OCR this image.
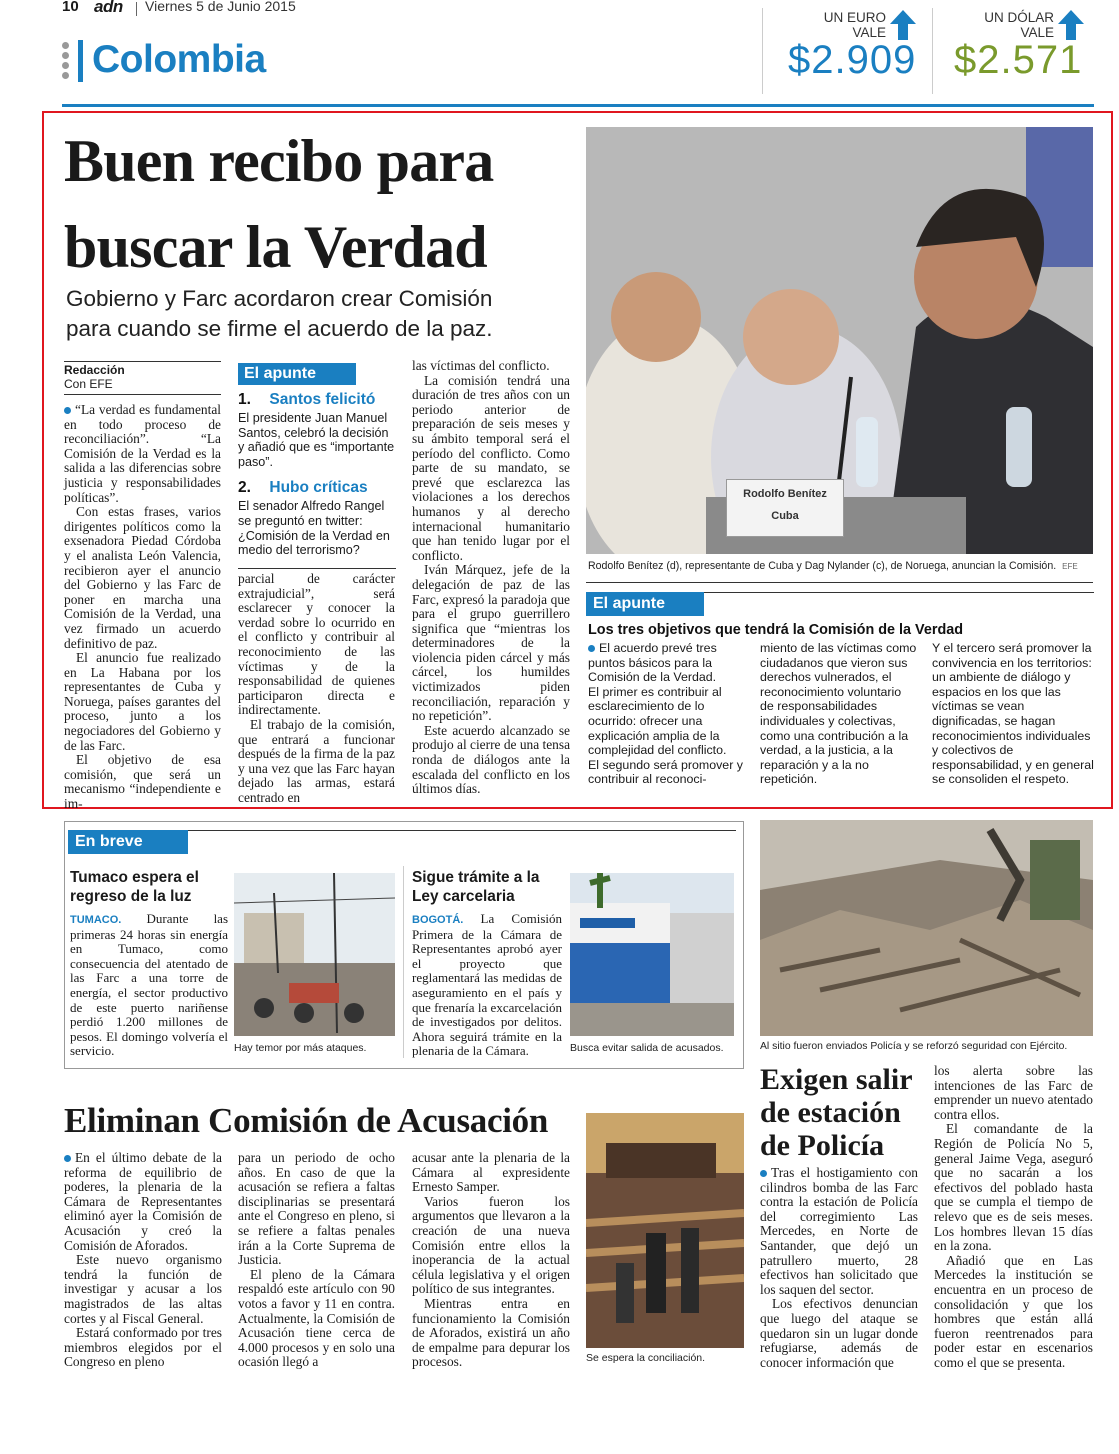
10 adn Viernes 5 de Junio 2015
Colombia
UN EURO
VALE
$2.909
UN DÓLAR
VALE
$2.571
Buen recibo para
buscar la Verdad
Gobierno y Farc acordaron crear Comisión
para cuando se firme el acuerdo de la paz.
Redacción
Con EFE
“La verdad es fundamental en todo proceso de reconciliación”. “La Comisión de la Verdad es la salida a las diferencias sobre justicia y responsabilidades políticas”.
Con estas frases, varios dirigentes políticos como la exsenadora Piedad Córdoba y el analista León Valencia, recibieron ayer el anuncio del Gobierno y las Farc de poner en marcha una Comisión de la Verdad, una vez firmado un acuerdo definitivo de paz.
El anuncio fue realizado en La Habana por los representantes de Cuba y Noruega, países garantes del proceso, junto a los negociadores del Gobierno y de las Farc.
El objetivo de esa comisión, que será un mecanismo “independiente e im-
El apunte
1. Santos felicitó
El presidente Juan Manuel Santos, celebró la decisión y añadió que es “importante paso”.
2. Hubo críticas
El senador Alfredo Rangel se preguntó en twitter: ¿Comisión de la Verdad en medio del terrorismo?
parcial de carácter extrajudicial”, será esclarecer y conocer la verdad sobre lo ocurrido en el conflicto y contribuir al reconocimiento de las víctimas y de la responsabilidad de quienes participaron directa e indirectamente.
El trabajo de la comisión, que entrará a funcionar después de la firma de la paz y una vez que las Farc hayan dejado las armas, estará centrado en
las víctimas del conflicto.
La comisión tendrá una duración de tres años con un periodo anterior de preparación de seis meses y su ámbito temporal será el período del conflicto. Como parte de su mandato, se prevé que esclarezca las violaciones a los derechos humanos y al derecho internacional humanitario que han tenido lugar por el conflicto.
Iván Márquez, jefe de la delegación de paz de las Farc, expresó la paradoja que para el grupo guerrillero significa que “mientras los determinadores de la violencia piden cárcel y más cárcel, los humildes victimizados piden reconciliación, reparación y no repetición”.
Este acuerdo alcanzado se produjo al cierre de una tensa ronda de diálogos ante la escalada del conflicto en los últimos días.
Rodolfo Benítez
Cuba
Rodolfo Benítez (d), representante de Cuba y Dag Nylander (c), de Noruega, anuncian la Comisión. EFE
El apunte
Los tres objetivos que tendrá la Comisión de la Verdad
El acuerdo prevé tres puntos básicos para la Comisión de la Verdad.
El primer es contribuir al esclarecimiento de lo ocurrido: ofrecer una explicación amplia de la complejidad del conflicto.
El segundo será promover y contribuir al reconoci-
miento de las víctimas como ciudadanos que vieron sus derechos vulnerados, el reconocimiento voluntario de responsabilidades individuales y colectivas, como una contribución a la verdad, a la justicia, a la reparación y a la no repetición.
Y el tercero será promover la convivencia en los territorios: un ambiente de diálogo y espacios en los que las víctimas se vean dignificadas, se hagan reconocimientos individuales y colectivos de responsabilidad, y en general se consoliden el respeto.
En breve
Tumaco espera el
regreso de la luz
TUMACO. Durante las primeras 24 horas sin energía en Tumaco, como consecuencia del atentado de las Farc a una torre de energía, el sector productivo de este puerto nariñense perdió 1.200 millones de pesos. El domingo volvería el servicio.	Hay temor por más ataques.
Sigue trámite a la
Ley carcelaria
BOGOTÁ. La Comisión Primera de la Cámara de Representantes aprobó ayer el proyecto que reglamentará las medidas de aseguramiento en el país y que frenaría la excarcelación de investigados por delitos. Ahora seguirá trámite en la plenaria de la Cámara.	Busca evitar salida de acusados.	Al sitio fueron enviados Policía y se reforzó seguridad con Ejército.
Eliminan Comisión de Acusación
En el último debate de la reforma de equilibrio de poderes, la plenaria de la Cámara de Representantes eliminó ayer la Comisión de Acusación y creó la Comisión de Aforados.
Este nuevo organismo tendrá la función de investigar y acusar a los magistrados de las altas cortes y al Fiscal General.
Estará conformado por tres miembros elegidos por el Congreso en pleno
para un periodo de ocho años. En caso de que la acusación se refiera a faltas disciplinarias se presentará ante el Congreso en pleno, si se refiere a faltas penales irán a la Corte Suprema de Justicia.
El pleno de la Cámara respaldó este artículo con 90 votos a favor y 11 en contra. Actualmente, la Comisión de Acusación tiene cerca de 4.000 procesos y en solo una ocasión llegó a
acusar ante la plenaria de la Cámara al expresidente Ernesto Samper.
Varios fueron los argumentos que llevaron a la creación de una nueva Comisión entre ellos la inoperancia de la actual célula legislativa y el origen político de sus integrantes.
Mientras entra en funcionamiento la Comisión de Aforados, existirá un año de empalme para depurar los procesos.	Se espera la conciliación.
Exigen salir
de estación
de Policía
Tras el hostigamiento con cilindros bomba de las Farc contra la estación de Policía del corregimiento Las Mercedes, en Norte de Santander, que dejó un patrullero muerto, 28 efectivos han solicitado que los saquen del sector.
Los efectivos denuncian que luego del ataque se quedaron sin un lugar donde refugiarse, además de conocer información que
los alerta sobre las intenciones de las Farc de emprender un nuevo atentado contra ellos.
El comandante de la Región de Policía No 5, general Jaime Vega, aseguró que no sacarán a los efectivos del poblado hasta que se cumpla el tiempo de relevo que es de seis meses. Los hombres llevan 15 días en la zona.
Añadió que en Las Mercedes la institución se encuentra en un proceso de consolidación y que los hombres que están allá fueron reentrenados para poder estar en escenarios como el que se presenta.
